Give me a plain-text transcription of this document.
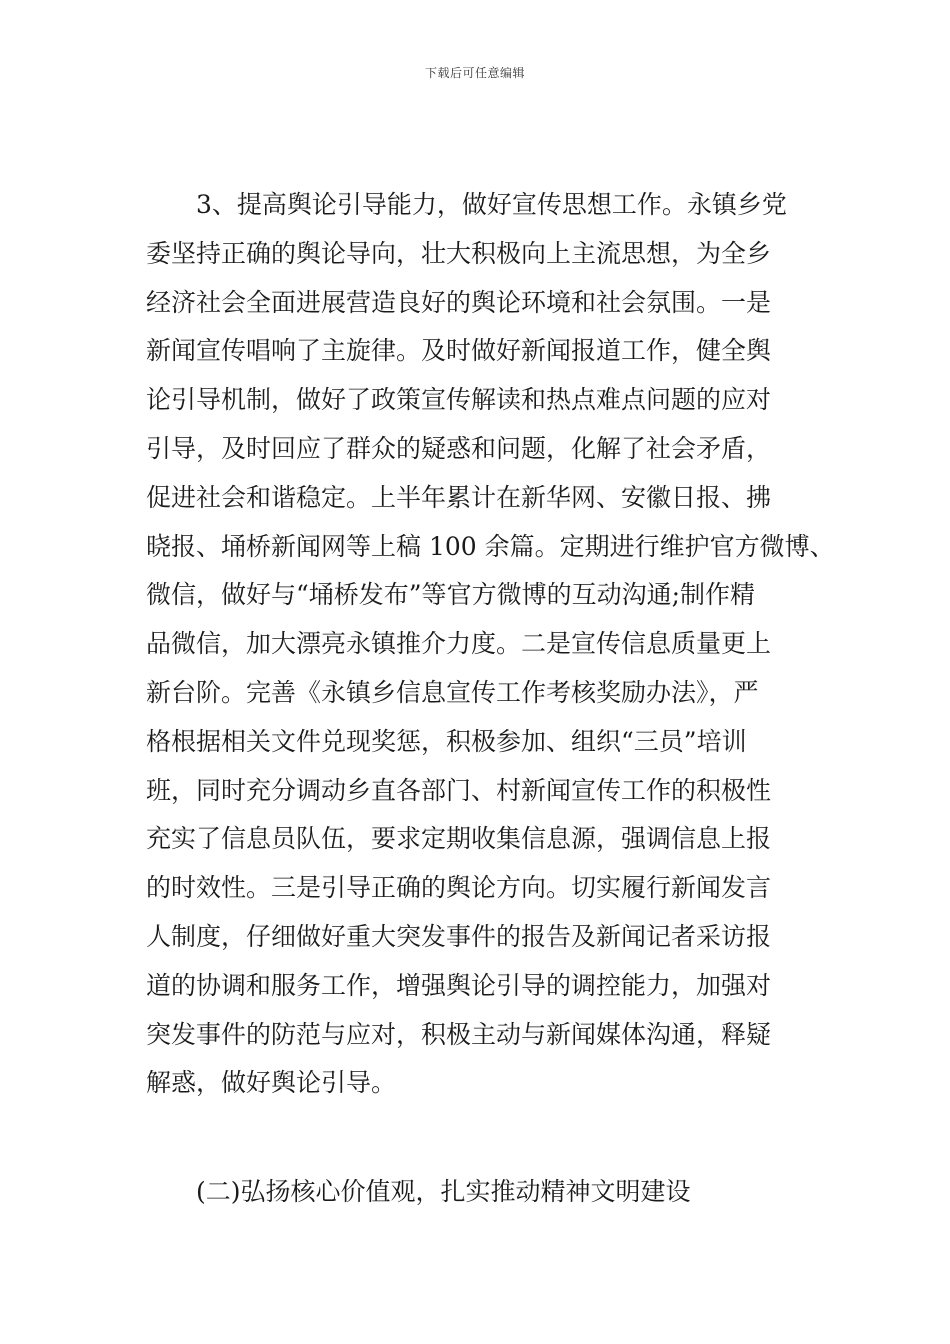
下载后可任意编辑
3、提高舆论引导能力，做好宣传思想工作。永镇乡党
委坚持正确的舆论导向，壮大积极向上主流思想，为全乡
经济社会全面进展营造良好的舆论环境和社会氛围。一是
新闻宣传唱响了主旋律。及时做好新闻报道工作，健全舆
论引导机制，做好了政策宣传解读和热点难点问题的应对
引导，及时回应了群众的疑惑和问题，化解了社会矛盾，
促进社会和谐稳定。上半年累计在新华网、安徽日报、拂
晓报、埇桥新闻网等上稿 100 余篇。定期进行维护官方微博、
微信，做好与“埇桥发布”等官方微博的互动沟通;制作精
品微信，加大漂亮永镇推介力度。二是宣传信息质量更上
新台阶。完善《永镇乡信息宣传工作考核奖励办法》，严
格根据相关文件兑现奖惩，积极参加、组织“三员”培训
班，同时充分调动乡直各部门、村新闻宣传工作的积极性
充实了信息员队伍，要求定期收集信息源，强调信息上报
的时效性。三是引导正确的舆论方向。切实履行新闻发言
人制度，仔细做好重大突发事件的报告及新闻记者采访报
道的协调和服务工作，增强舆论引导的调控能力，加强对
突发事件的防范与应对，积极主动与新闻媒体沟通，释疑
解惑，做好舆论引导。
(二)弘扬核心价值观，扎实推动精神文明建设
